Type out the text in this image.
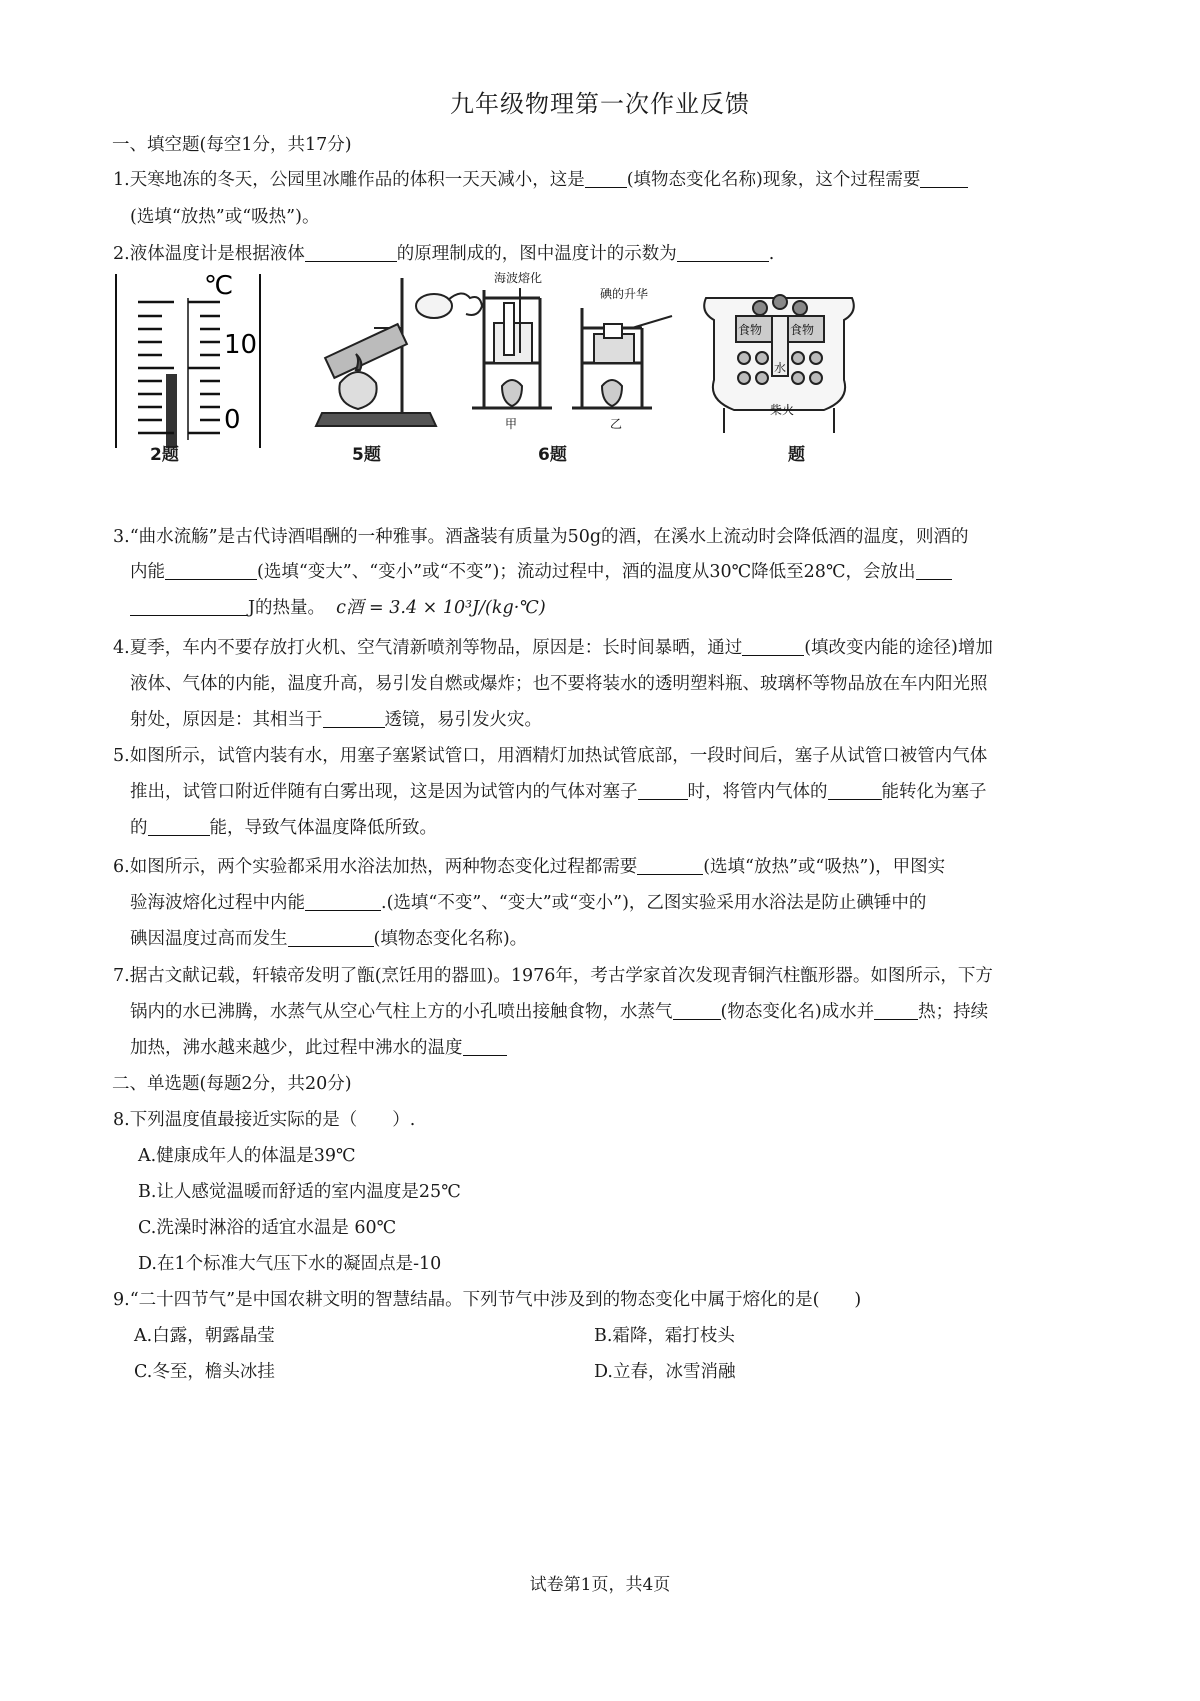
九年级物理第一次作业反馈
一、填空题(每空1分，共17分)
1.天寒地冻的冬天，公园里冰雕作品的体积一天天减小，这是 (填物态变化名称)现象，这个过程需要
(选填“放热”或“吸热”)。
2.液体温度计是根据液体	的原理制成的，图中温度计的示数为	.
℃
10
0
海波熔化
甲
碘的升华
乙
食物 食物
水
柴火
2题	5题	6题	题
3.“曲水流觞”是古代诗酒唱酬的一种雅事。酒盏装有质量为50g的酒，在溪水上流动时会降低酒的温度，则酒的
内能	(选填“变大”、“变小”或“不变”)；流动过程中，酒的温度从30℃降低至28℃，会放出
J的热量。 c酒 = 3.4 × 10³J/(kg·℃)
4.夏季，车内不要存放打火机、空气清新喷剂等物品，原因是：长时间暴晒，通过	(填改变内能的途径)增加
液体、气体的内能，温度升高，易引发自燃或爆炸；也不要将装水的透明塑料瓶、玻璃杯等物品放在车内阳光照
射处，原因是：其相当于	透镜，易引发火灾。
5.如图所示，试管内装有水，用塞子塞紧试管口，用酒精灯加热试管底部，一段时间后，塞子从试管口被管内气体
推出，试管口附近伴随有白雾出现，这是因为试管内的气体对塞子	时，将管内气体的	能转化为塞子
的	能，导致气体温度降低所致。
6.如图所示，两个实验都采用水浴法加热，两种物态变化过程都需要	(选填“放热”或“吸热”)，甲图实
验海波熔化过程中内能	.(选填“不变”、“变大”或“变小”)，乙图实验采用水浴法是防止碘锤中的
碘因温度过高而发生	(填物态变化名称)。
7.据古文献记载，轩辕帝发明了甑(烹饪用的器皿)。1976年，考古学家首次发现青铜汽柱甑形器。如图所示，下方
锅内的水已沸腾，水蒸气从空心气柱上方的小孔喷出接触食物，水蒸气	(物态变化名)成水并	热；持续
加热，沸水越来越少，此过程中沸水的温度
二、单选题(每题2分，共20分)
8.下列温度值最接近实际的是（　　）.
A.健康成年人的体温是39℃
B.让人感觉温暖而舒适的室内温度是25℃
C.洗澡时淋浴的适宜水温是 60℃
D.在1个标准大气压下水的凝固点是-10
9.“二十四节气”是中国农耕文明的智慧结晶。下列节气中涉及到的物态变化中属于熔化的是(　　)
A.白露，朝露晶莹	B.霜降，霜打枝头
C.冬至，檐头冰挂	D.立春，冰雪消融
试卷第1页，共4页
